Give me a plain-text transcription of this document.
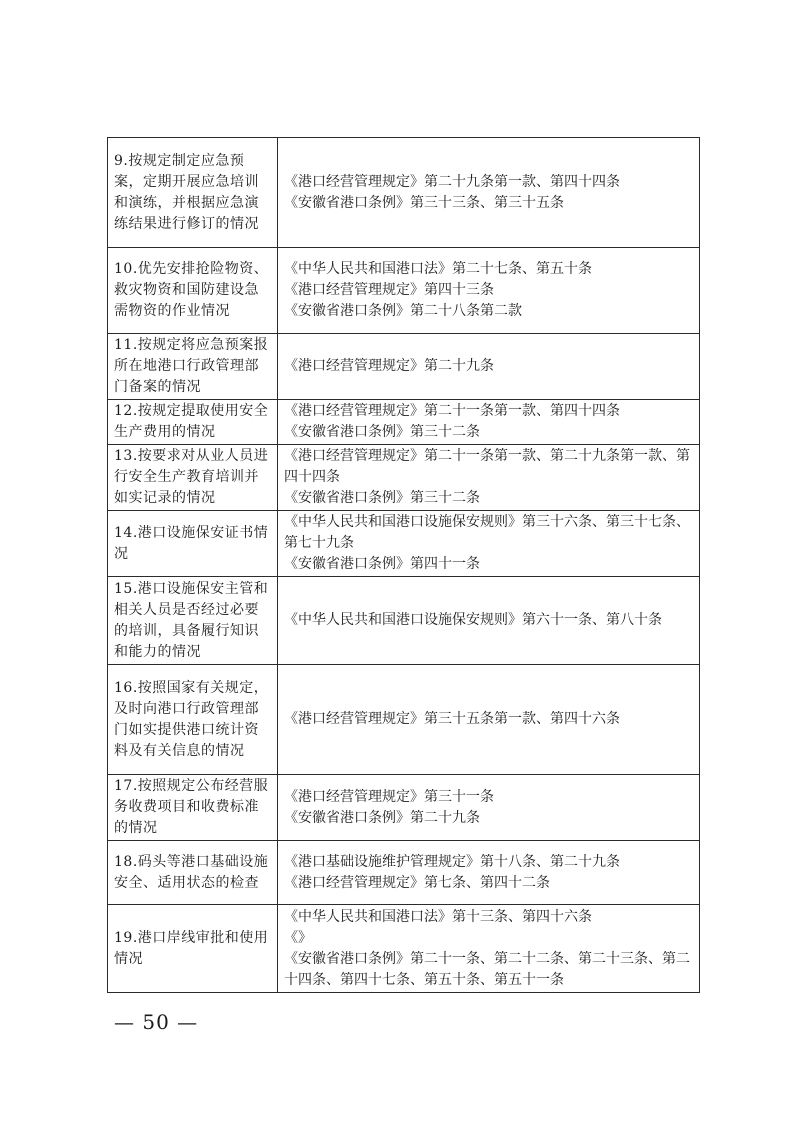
9.按规定制定应急预案，定期开展应急培训和演练，并根据应急演练结果进行修订的情况	《港口经营管理规定》第二十九条第一款、第四十四条
《安徽省港口条例》第三十三条、第三十五条

10.优先安排抢险物资、救灾物资和国防建设急需物资的作业情况	《中华人民共和国港口法》第二十七条、第五十条
《港口经营管理规定》第四十三条
《安徽省港口条例》第二十八条第二款

11.按规定将应急预案报所在地港口行政管理部门备案的情况	《港口经营管理规定》第二十九条

12.按规定提取使用安全生产费用的情况	《港口经营管理规定》第二十一条第一款、第四十四条
《安徽省港口条例》第三十二条

13.按要求对从业人员进行安全生产教育培训并如实记录的情况	《港口经营管理规定》第二十一条第一款、第二十九条第一款、第四十四条
《安徽省港口条例》第三十二条

14.港口设施保安证书情况	《中华人民共和国港口设施保安规则》第三十六条、第三十七条、第七十九条
《安徽省港口条例》第四十一条

15.港口设施保安主管和相关人员是否经过必要的培训，具备履行知识和能力的情况	《中华人民共和国港口设施保安规则》第六十一条、第八十条

16.按照国家有关规定，及时向港口行政管理部门如实提供港口统计资料及有关信息的情况	《港口经营管理规定》第三十五条第一款、第四十六条

17.按照规定公布经营服务收费项目和收费标准的情况	《港口经营管理规定》第三十一条
《安徽省港口条例》第二十九条

18.码头等港口基础设施安全、适用状态的检查	《港口基础设施维护管理规定》第十八条、第二十九条
《港口经营管理规定》第七条、第四十二条

19.港口岸线审批和使用情况	《中华人民共和国港口法》第十三条、第四十六条
《》
《安徽省港口条例》第二十一条、第二十二条、第二十三条、第二十四条、第四十七条、第五十条、第五十一条
— 50 —
